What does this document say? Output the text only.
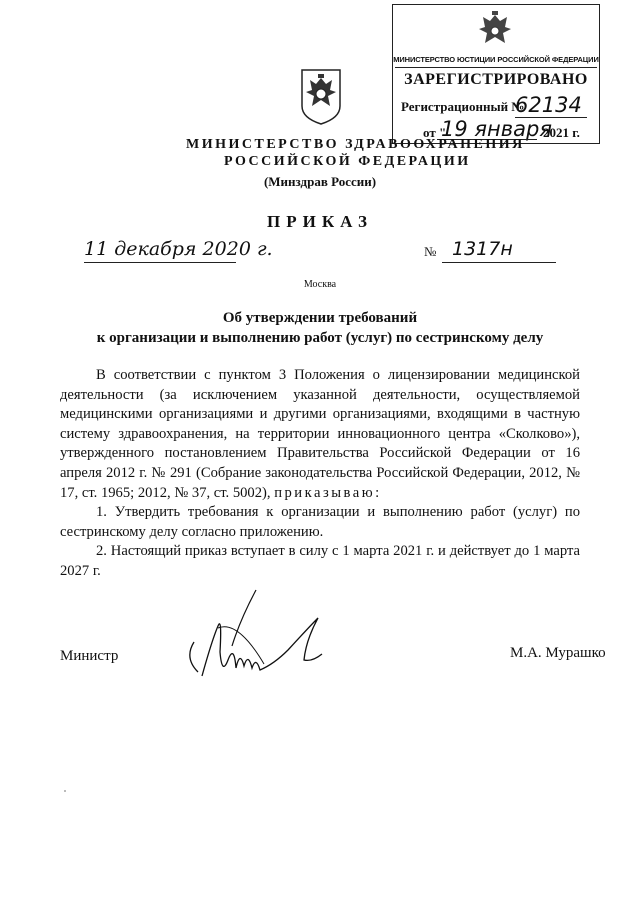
МИНИСТЕРСТВО ЮСТИЦИИ РОССИЙСКОЙ ФЕДЕРАЦИИ
ЗАРЕГИСТРИРОВАНО
Регистрационный №
62134
от "
19 января
2021 г.
МИНИСТЕРСТВО ЗДРАВООХРАНЕНИЯ
РОССИЙСКОЙ ФЕДЕРАЦИИ
(Минздрав России)
ПРИКАЗ
11 декабря 2020 г.	№ 1317н
Москва
Об утверждении требований
к организации и выполнению работ (услуг) по сестринскому делу

В соответствии с пунктом 3 Положения о лицензировании медицинской деятельности (за исключением указанной деятельности, осуществляемой медицинскими организациями и другими организациями, входящими в частную систему здравоохранения, на территории инновационного центра «Сколково»), утвержденного постановлением Правительства Российской Федерации от 16 апреля 2012 г. № 291 (Собрание законодательства Российской Федерации, 2012, № 17, ст. 1965; 2012, № 37, ст. 5002), приказываю:

1. Утвердить требования к организации и выполнению работ (услуг) по сестринскому делу согласно приложению.

2. Настоящий приказ вступает в силу с 1 марта 2021 г. и действует до 1 марта 2027 г.

Министр	М.А. Мурашко
